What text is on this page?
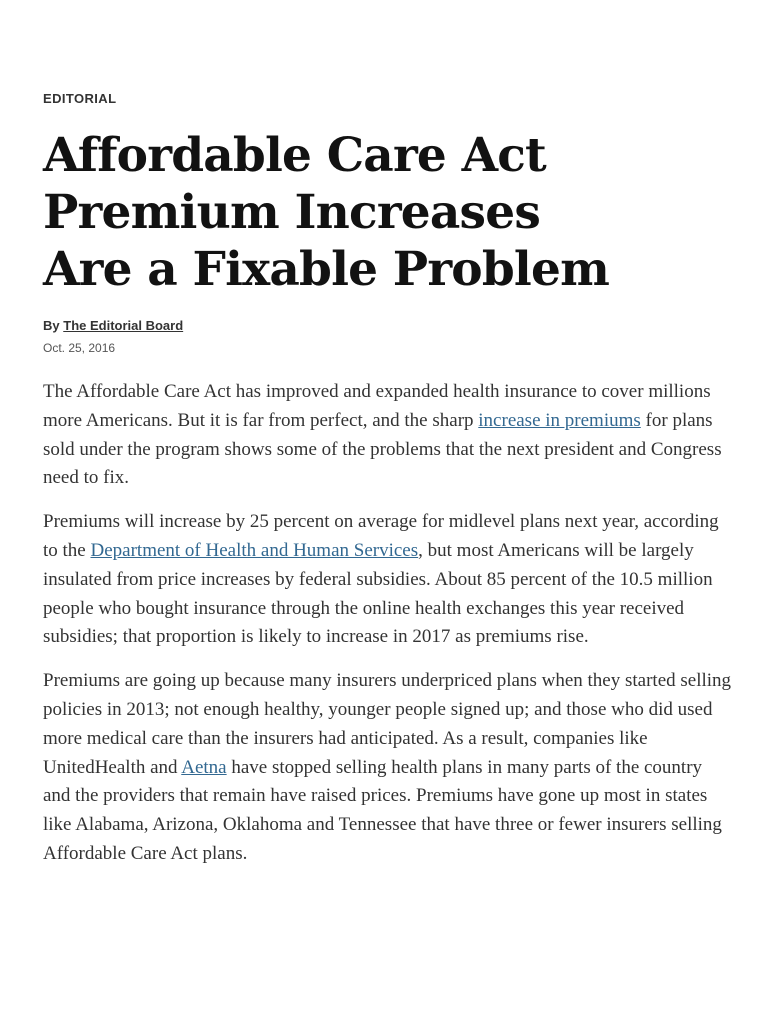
EDITORIAL
Affordable Care Act
Premium Increases
Are a Fixable Problem
By The Editorial Board
Oct. 25, 2016

The Affordable Care Act has improved and expanded health insurance to cover millions more Americans. But it is far from perfect, and the sharp increase in premiums for plans sold under the program shows some of the problems that the next president and Congress need to fix.

Premiums will increase by 25 percent on average for midlevel plans next year, according to the Department of Health and Human Services, but most Americans will be largely insulated from price increases by federal subsidies. About 85 percent of the 10.5 million people who bought insurance through the online health exchanges this year received subsidies; that proportion is likely to increase in 2017 as premiums rise.

Premiums are going up because many insurers underpriced plans when they started selling policies in 2013; not enough healthy, younger people signed up; and those who did used more medical care than the insurers had anticipated. As a result, companies like UnitedHealth and Aetna have stopped selling health plans in many parts of the country and the providers that remain have raised prices. Premiums have gone up most in states like Alabama, Arizona, Oklahoma and Tennessee that have three or fewer insurers selling Affordable Care Act plans.
